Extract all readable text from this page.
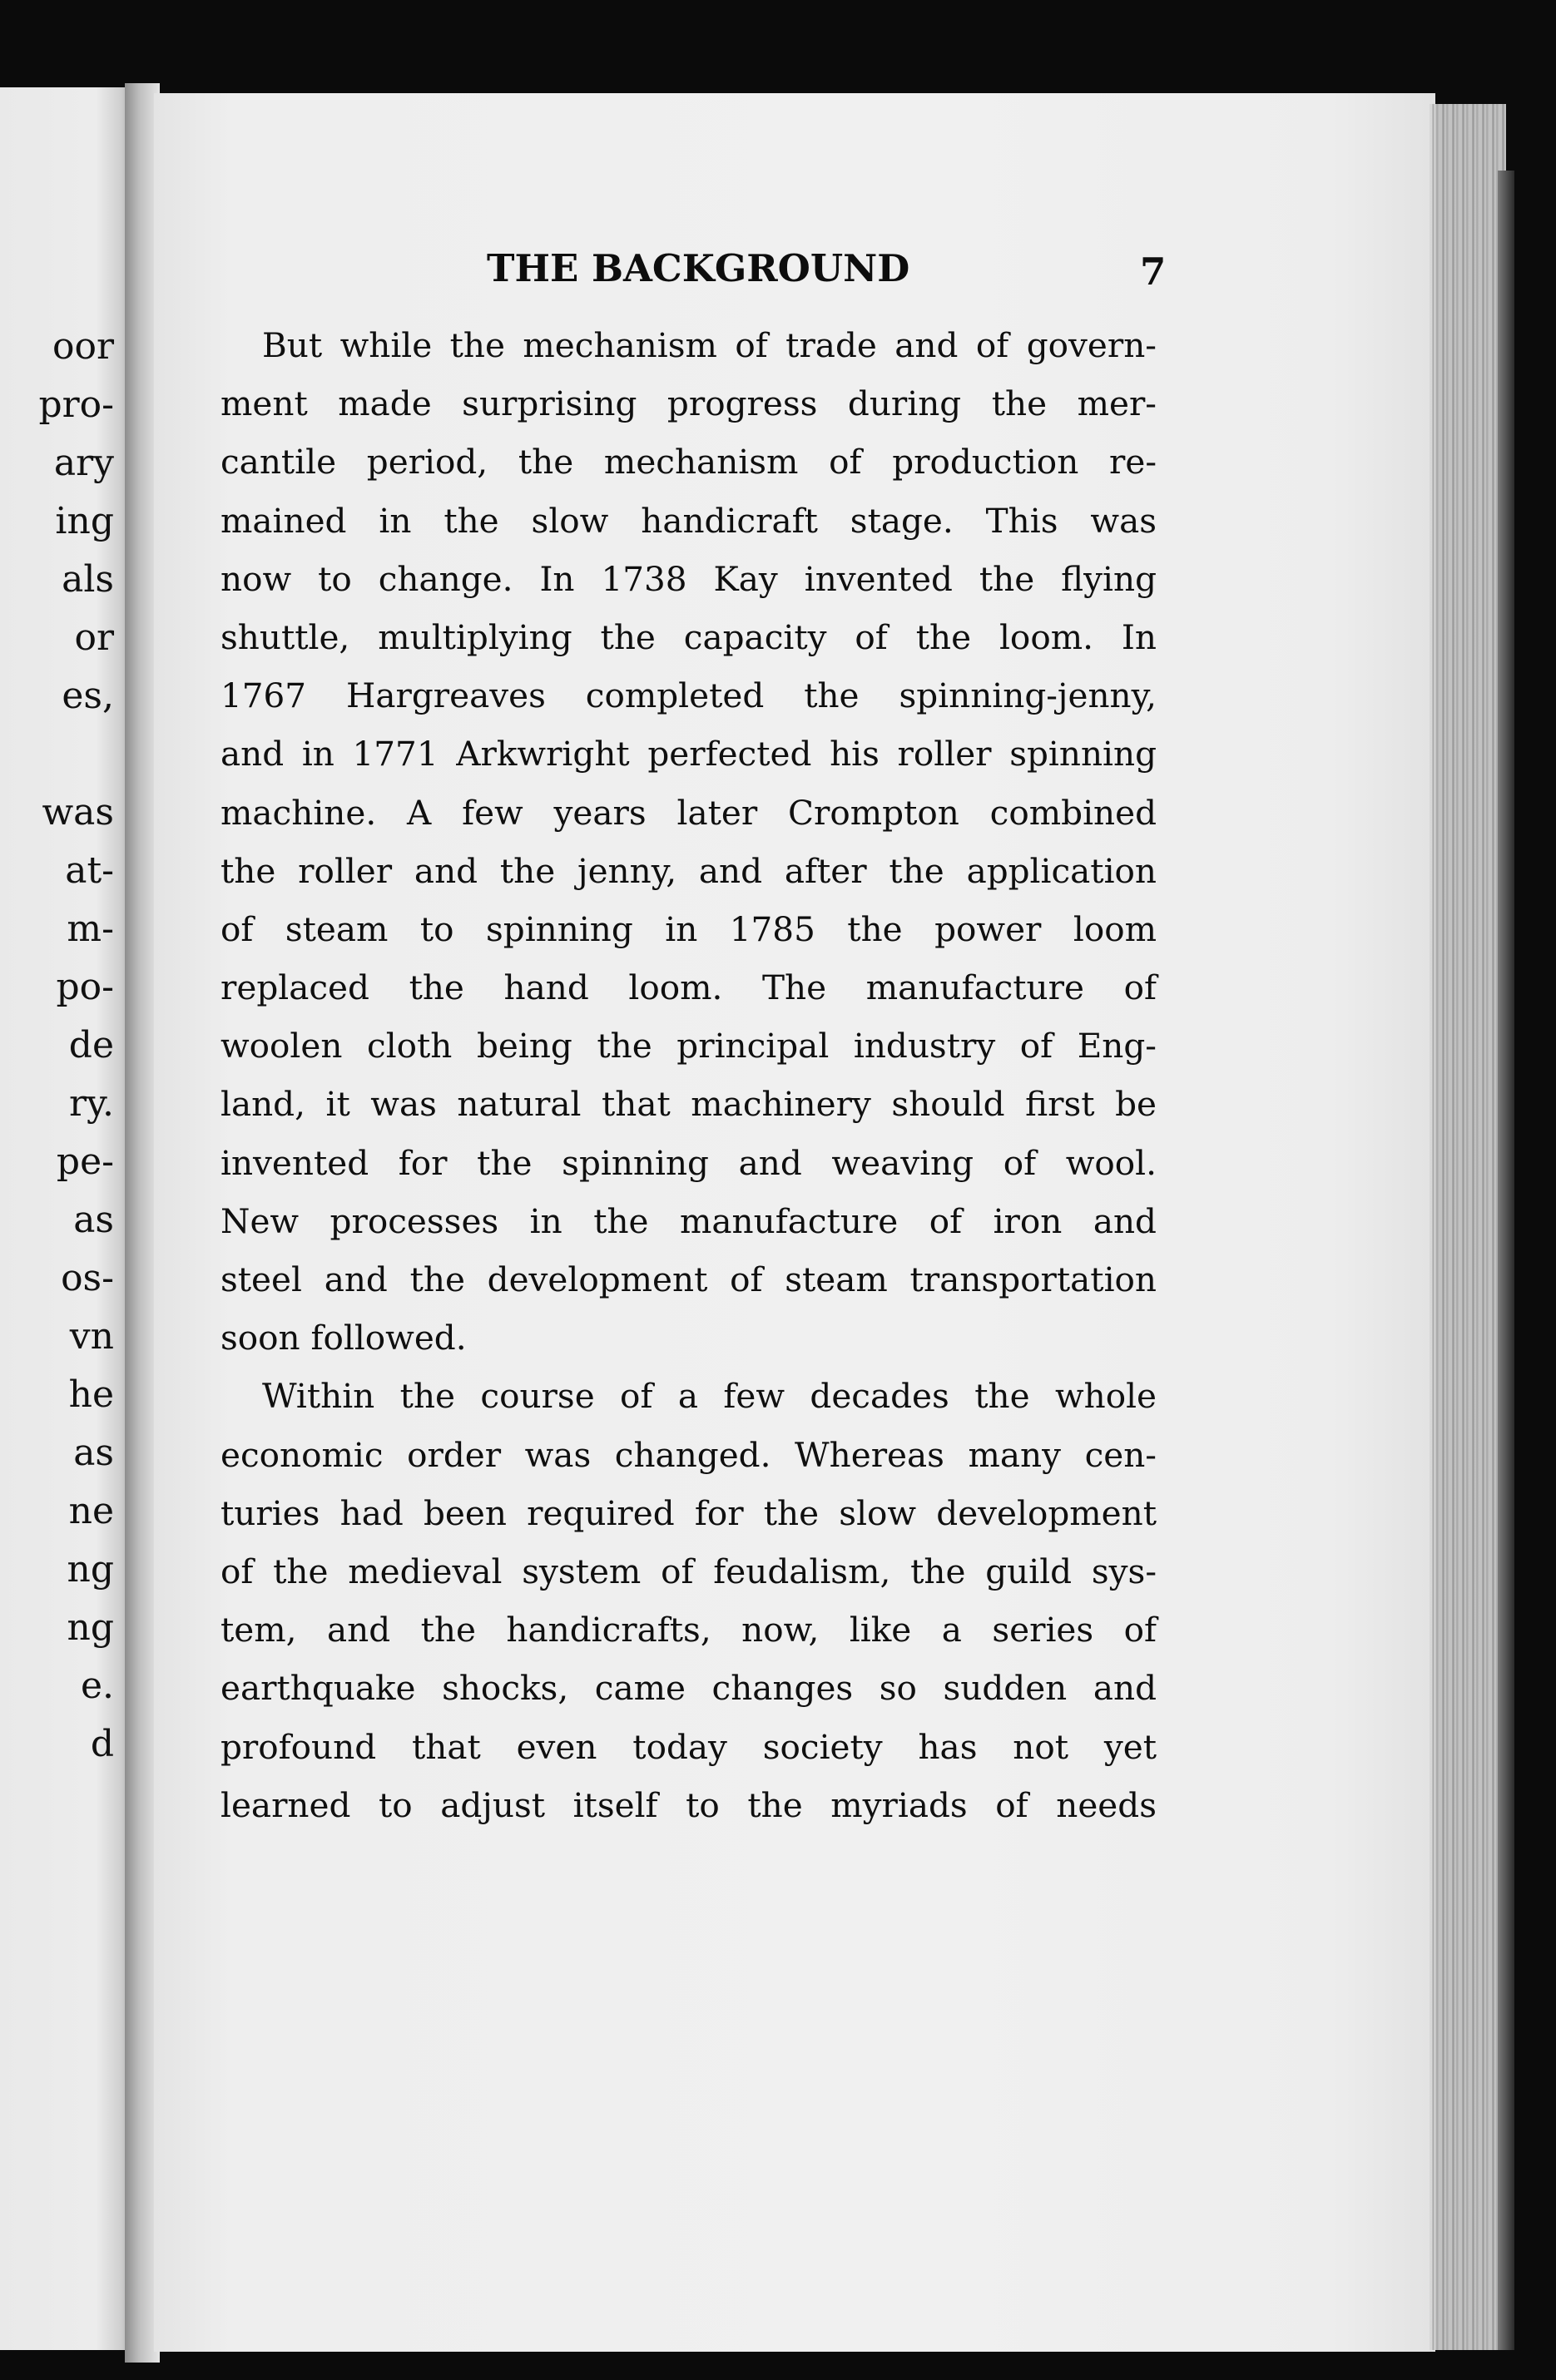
oor
pro-
ary
ing
als
or
es,
was
at-
m-
po-
de
ry.
pe-
as
os-
vn
he
as
ne
ng
ng
e.
d
THE BACKGROUND	7
But while the mechanism of trade and of govern-
ment made surprising progress during the mer-
cantile period, the mechanism of production re-
mained in the slow handicraft stage. This was
now to change. In 1738 Kay invented the flying
shuttle, multiplying the capacity of the loom. In
1767 Hargreaves completed the spinning-jenny,
and in 1771 Arkwright perfected his roller spinning
machine. A few years later Crompton combined
the roller and the jenny, and after the application
of steam to spinning in 1785 the power loom
replaced the hand loom. The manufacture of
woolen cloth being the principal industry of Eng-
land, it was natural that machinery should first be
invented for the spinning and weaving of wool.
New processes in the manufacture of iron and
steel and the development of steam transportation
soon followed.
Within the course of a few decades the whole
economic order was changed. Whereas many cen-
turies had been required for the slow development
of the medieval system of feudalism, the guild sys-
tem, and the handicrafts, now, like a series of
earthquake shocks, came changes so sudden and
profound that even today society has not yet
learned to adjust itself to the myriads of needs
